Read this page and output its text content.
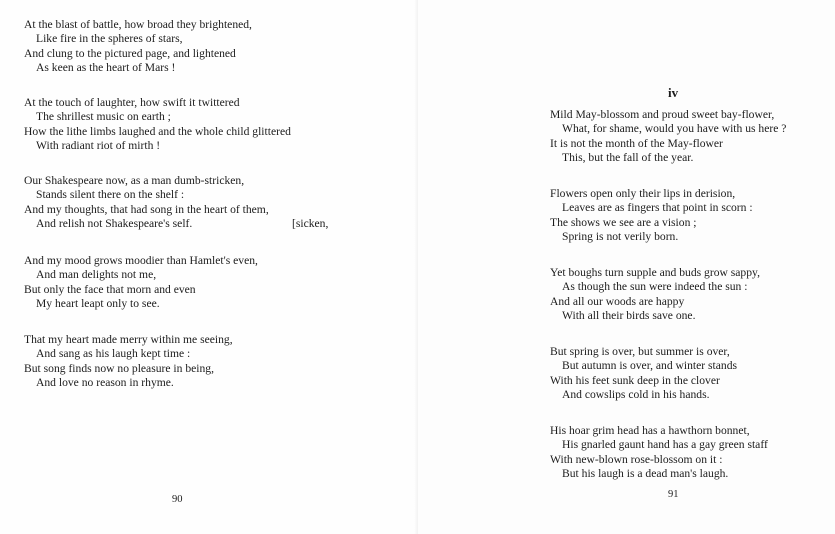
At the blast of battle, how broad they brightened,
Like fire in the spheres of stars,
And clung to the pictured page, and lightened
As keen as the heart of Mars !
At the touch of laughter, how swift it twittered
The shrillest music on earth ;
How the lithe limbs laughed and the whole child glittered
With radiant riot of mirth !
Our Shakespeare now, as a man dumb-stricken,
Stands silent there on the shelf :
And my thoughts, that had song in the heart of them,
And relish not Shakespeare's self.	[sicken,
And my mood grows moodier than Hamlet's even,
And man delights not me,
But only the face that morn and even
My heart leapt only to see.
That my heart made merry within me seeing,
And sang as his laugh kept time :
But song finds now no pleasure in being,
And love no reason in rhyme.
90
iv
Mild May-blossom and proud sweet bay-flower,
What, for shame, would you have with us here ?
It is not the month of the May-flower
This, but the fall of the year.
Flowers open only their lips in derision,
Leaves are as fingers that point in scorn :
The shows we see are a vision ;
Spring is not verily born.
Yet boughs turn supple and buds grow sappy,
As though the sun were indeed the sun :
And all our woods are happy
With all their birds save one.
But spring is over, but summer is over,
But autumn is over, and winter stands
With his feet sunk deep in the clover
And cowslips cold in his hands.
His hoar grim head has a hawthorn bonnet,
His gnarled gaunt hand has a gay green staff
With new-blown rose-blossom on it :
But his laugh is a dead man's laugh.
91
